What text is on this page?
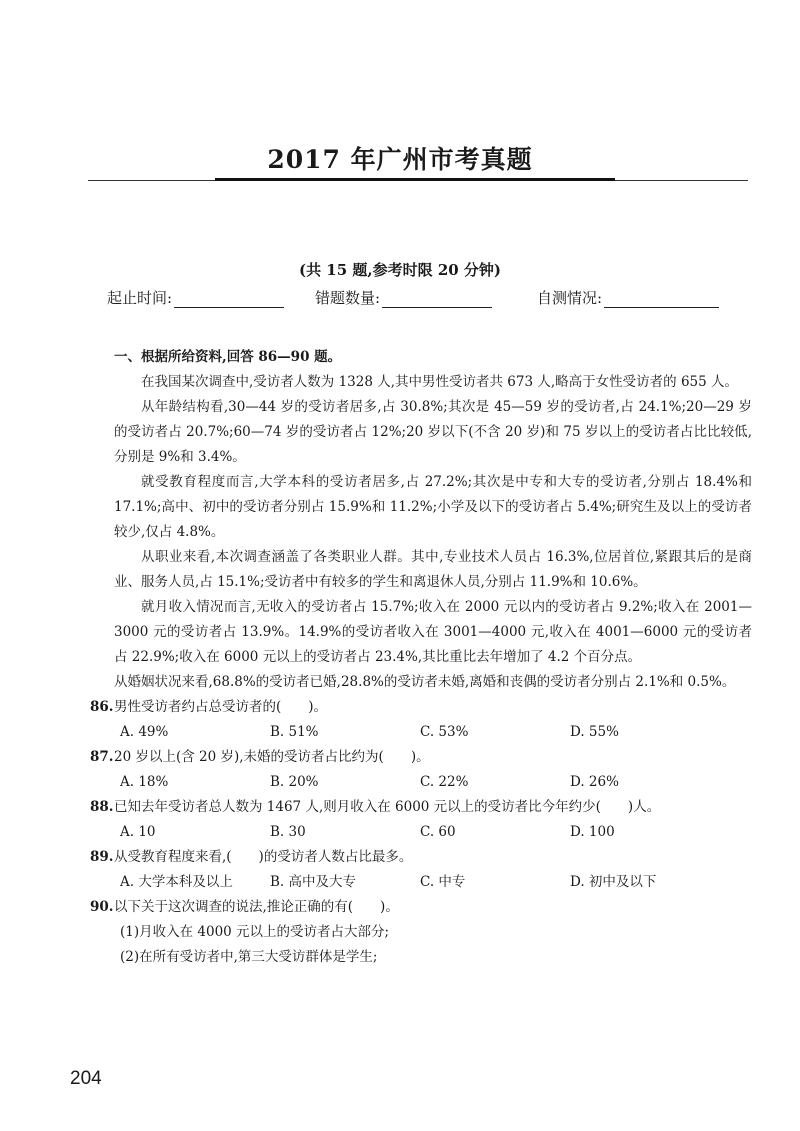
2017 年广州市考真题
(共 15 题,参考时限 20 分钟)
起止时间:	错题数量:	自测情况:

一、根据所给资料,回答 86—90 题。

在我国某次调查中,受访者人数为 1328 人,其中男性受访者共 673 人,略高于女性受访者的 655 人。

从年龄结构看,30—44 岁的受访者居多,占 30.8%;其次是 45—59 岁的受访者,占 24.1%;20—29 岁的受访者占 20.7%;60—74 岁的受访者占 12%;20 岁以下(不含 20 岁)和 75 岁以上的受访者占比比较低,分别是 9%和 3.4%。

就受教育程度而言,大学本科的受访者居多,占 27.2%;其次是中专和大专的受访者,分别占 18.4%和 17.1%;高中、初中的受访者分别占 15.9%和 11.2%;小学及以下的受访者占 5.4%;研究生及以上的受访者较少,仅占 4.8%。

从职业来看,本次调查涵盖了各类职业人群。其中,专业技术人员占 16.3%,位居首位,紧跟其后的是商业、服务人员,占 15.1%;受访者中有较多的学生和离退休人员,分别占 11.9%和 10.6%。

就月收入情况而言,无收入的受访者占 15.7%;收入在 2000 元以内的受访者占 9.2%;收入在 2001—3000 元的受访者占 13.9%。14.9%的受访者收入在 3001—4000 元,收入在 4001—6000 元的受访者占 22.9%;收入在 6000 元以上的受访者占 23.4%,其比重比去年增加了 4.2 个百分点。

从婚姻状况来看,68.8%的受访者已婚,28.8%的受访者未婚,离婚和丧偶的受访者分别占 2.1%和 0.5%。

86.男性受访者约占总受访者的(　　)。

A. 49%	B. 51%	C. 53%	D. 55%

87.20 岁以上(含 20 岁),未婚的受访者占比约为(　　)。

A. 18%	B. 20%	C. 22%	D. 26%

88.已知去年受访者总人数为 1467 人,则月收入在 6000 元以上的受访者比今年约少(　　)人。

A. 10	B. 30	C. 60	D. 100

89.从受教育程度来看,(　　)的受访者人数占比最多。

A. 大学本科及以上	B. 高中及大专	C. 中专	D. 初中及以下

90.以下关于这次调查的说法,推论正确的有(　　)。

(1)月收入在 4000 元以上的受访者占大部分;

(2)在所有受访者中,第三大受访群体是学生;

204
